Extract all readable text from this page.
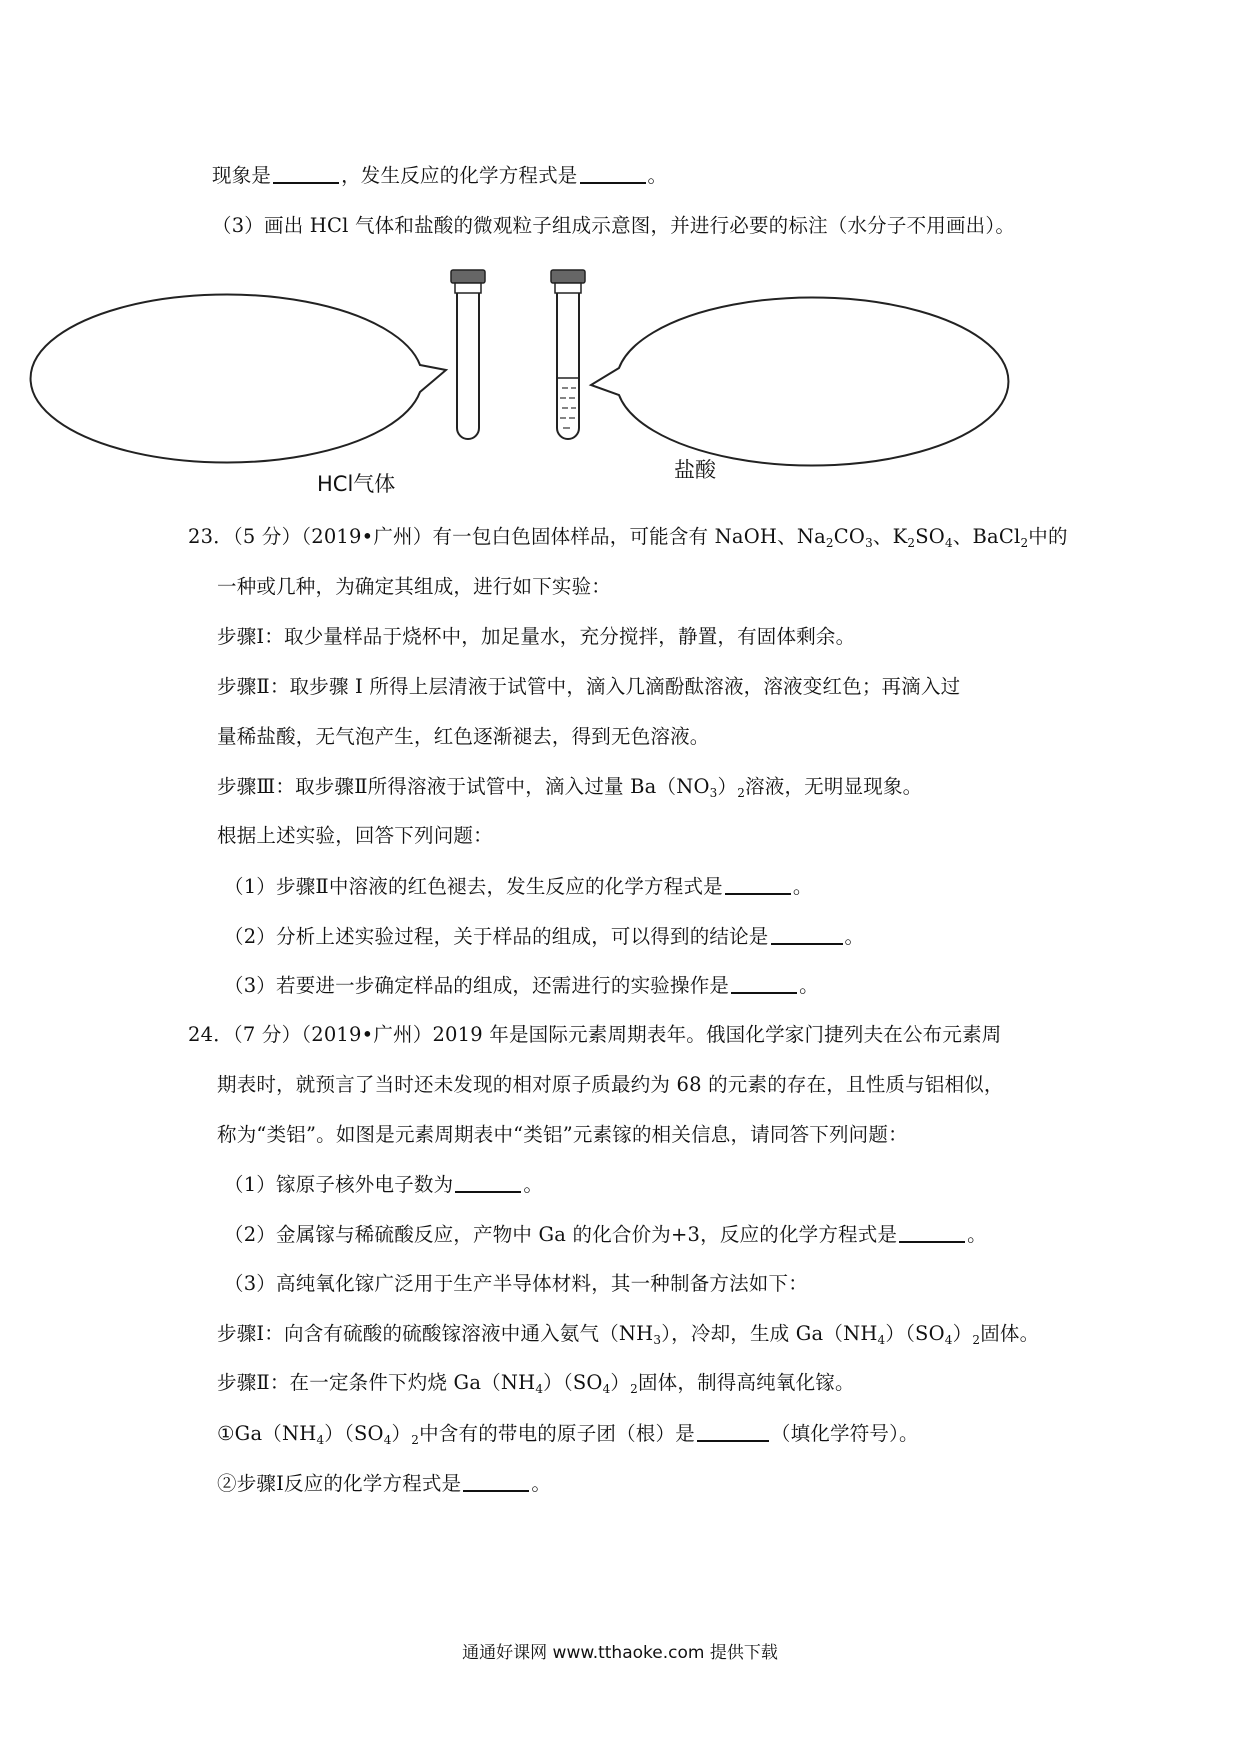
现象是	，发生反应的化学方程式是	。
（3）画出 HCl 气体和盐酸的微观粒子组成示意图，并进行必要的标注（水分子不用画出）。
HCl气体
盐酸
23．（5 分）（2019•广州）有一包白色固体样品，可能含有 NaOH、$Na_2CO_3$、$K_2SO_4$、BaCl$_2$中的
一种或几种，为确定其组成，进行如下实验：
步骤Ⅰ：取少量样品于烧杯中，加足量水，充分搅拌，静置，有固体剩余。
步骤Ⅱ：取步骤 Ⅰ 所得上层清液于试管中，滴入几滴酚酞溶液，溶液变红色；再滴入过
量稀盐酸，无气泡产生，红色逐渐褪去，得到无色溶液。
步骤Ⅲ：取步骤Ⅱ所得溶液于试管中，滴入过量 $Ba(NO_3)_2$溶液，无明显现象。
根据上述实验，回答下列问题：
（1）步骤Ⅱ中溶液的红色褪去，发生反应的化学方程式是	。
（2）分析上述实验过程，关于样品的组成，可以得到的结论是	。
（3）若要进一步确定样品的组成，还需进行的实验操作是	。
24．（7 分）（2019•广州）2019 年是国际元素周期表年。俄国化学家门捷列夫在公布元素周
期表时，就预言了当时还未发现的相对原子质最约为 68 的元素的存在，且性质与铝相似，
称为“类铝”。如图是元素周期表中“类铝”元素镓的相关信息，请同答下列问题：
（1）镓原子核外电子数为	。
（2）金属镓与稀硫酸反应，产物中 Ga 的化合价为+3，反应的化学方程式是	。
（3）高纯氧化镓广泛用于生产半导体材料，其一种制备方法如下：
步骤Ⅰ：向含有硫酸的硫酸镓溶液中通入氨气$(NH_3)$，冷却，生成 $Ga(NH_4)(SO_4)_2$固体。
步骤Ⅱ：在一定条件下灼烧 $Ga(NH_4)(SO_4)_2$固体，制得高纯氧化镓。
$①Ga(NH_4)(SO_4)_2$中含有的带电的原子团（根）是	（填化学符号）。
②步骤Ⅰ反应的化学方程式是	。
通通好课网 www.tthaoke.com 提供下载
